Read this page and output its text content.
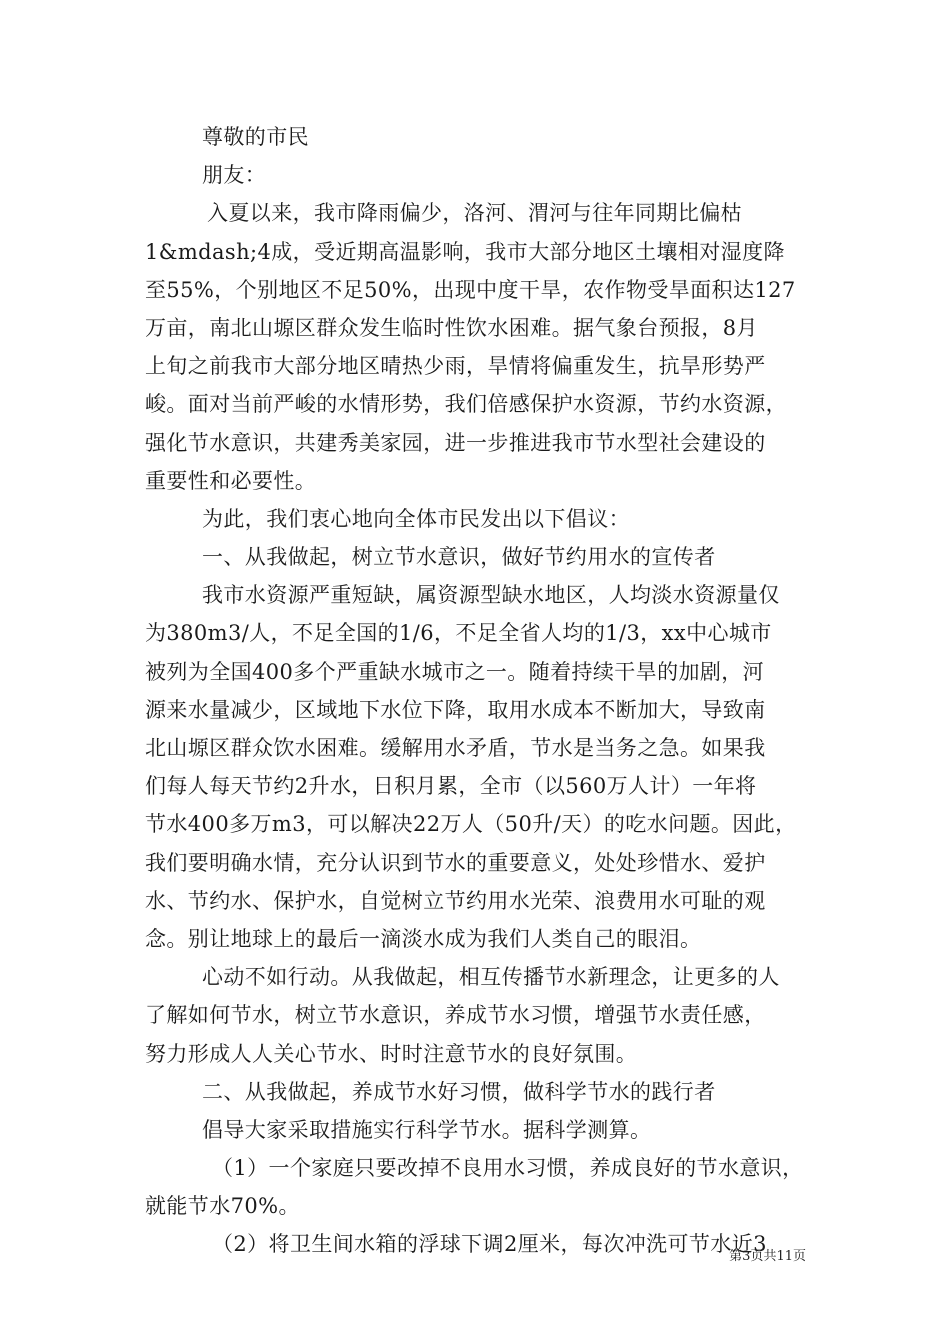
尊敬的市民
朋友：
入夏以来，我市降雨偏少，洛河、渭河与往年同期比偏枯
1&mdash;4成，受近期高温影响，我市大部分地区土壤相对湿度降
至55%，个别地区不足50%，出现中度干旱，农作物受旱面积达127
万亩，南北山塬区群众发生临时性饮水困难。据气象台预报，8月
上旬之前我市大部分地区晴热少雨，旱情将偏重发生，抗旱形势严
峻。面对当前严峻的水情形势，我们倍感保护水资源，节约水资源，
强化节水意识，共建秀美家园，进一步推进我市节水型社会建设的
重要性和必要性。
为此，我们衷心地向全体市民发出以下倡议：
一、从我做起，树立节水意识，做好节约用水的宣传者
我市水资源严重短缺，属资源型缺水地区，人均淡水资源量仅
为380m3/人，不足全国的1/6，不足全省人均的1/3，xx中心城市
被列为全国400多个严重缺水城市之一。随着持续干旱的加剧，河
源来水量减少，区域地下水位下降，取用水成本不断加大，导致南
北山塬区群众饮水困难。缓解用水矛盾，节水是当务之急。如果我
们每人每天节约2升水，日积月累，全市（以560万人计）一年将
节水400多万m3，可以解决22万人（50升/天）的吃水问题。因此，
我们要明确水情，充分认识到节水的重要意义，处处珍惜水、爱护
水、节约水、保护水，自觉树立节约用水光荣、浪费用水可耻的观
念。别让地球上的最后一滴淡水成为我们人类自己的眼泪。
心动不如行动。从我做起，相互传播节水新理念，让更多的人
了解如何节水，树立节水意识，养成节水习惯，增强节水责任感，
努力形成人人关心节水、时时注意节水的良好氛围。
二、从我做起，养成节水好习惯，做科学节水的践行者
倡导大家采取措施实行科学节水。据科学测算。
（1）一个家庭只要改掉不良用水习惯，养成良好的节水意识，
就能节水70%。
（2）将卫生间水箱的浮球下调2厘米，每次冲洗可节水近3
第3页共11页
